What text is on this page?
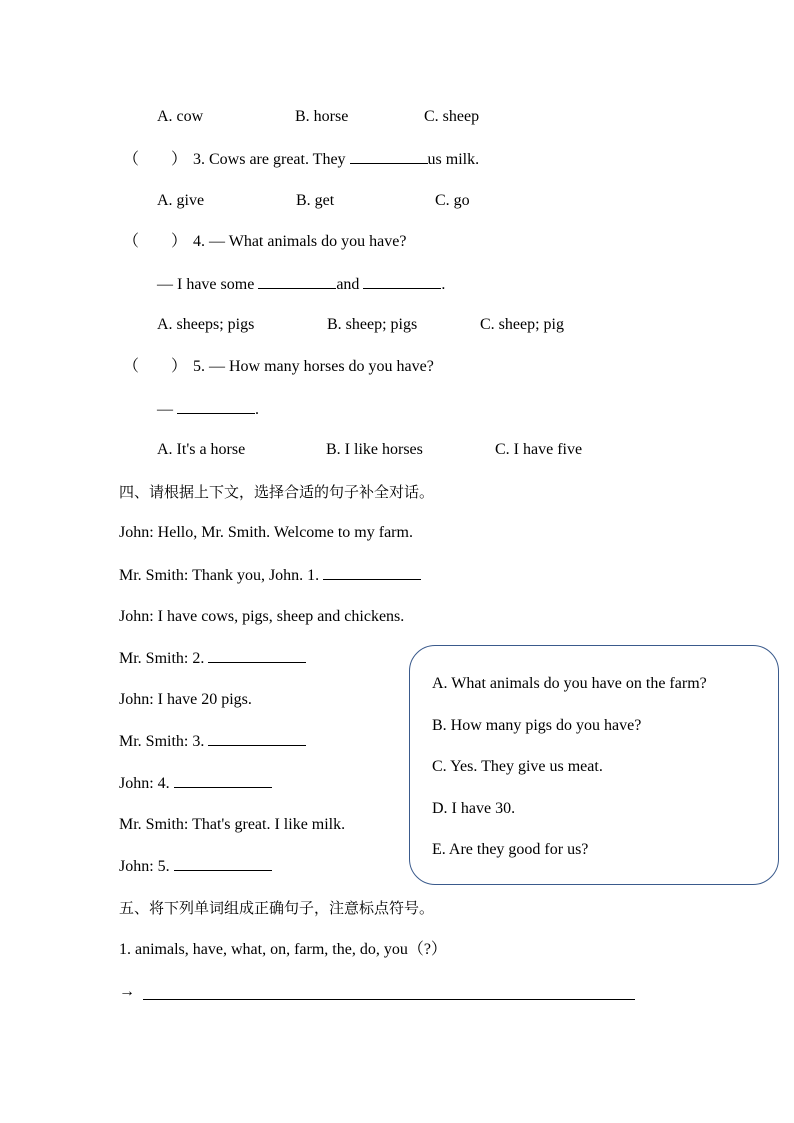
A. cow	B. horse	C. sheep
（　　） 3. Cows are great. They	us milk.
A. give	B. get	C. go
（　　） 4. — What animals do you have?
— I have some	and	.
A. sheeps; pigs	B. sheep; pigs	C. sheep; pig
（　　） 5. — How many horses do you have?
—	.
A. It's a horse	B. I like horses	C. I have five
四、请根据上下文，选择合适的句子补全对话。
John: Hello, Mr. Smith. Welcome to my farm.
Mr. Smith: Thank you, John. 1.
John: I have cows, pigs, sheep and chickens.
Mr. Smith: 2.
John: I have 20 pigs.
Mr. Smith: 3.
John: 4.
Mr. Smith: That's great. I like milk.
John: 5.
A. What animals do you have on the farm?
B. How many pigs do you have?
C. Yes. They give us meat.
D. I have 30.
E. Are they good for us?
五、将下列单词组成正确句子，注意标点符号。
1. animals, have, what, on, farm, the, do, you（?）
→
